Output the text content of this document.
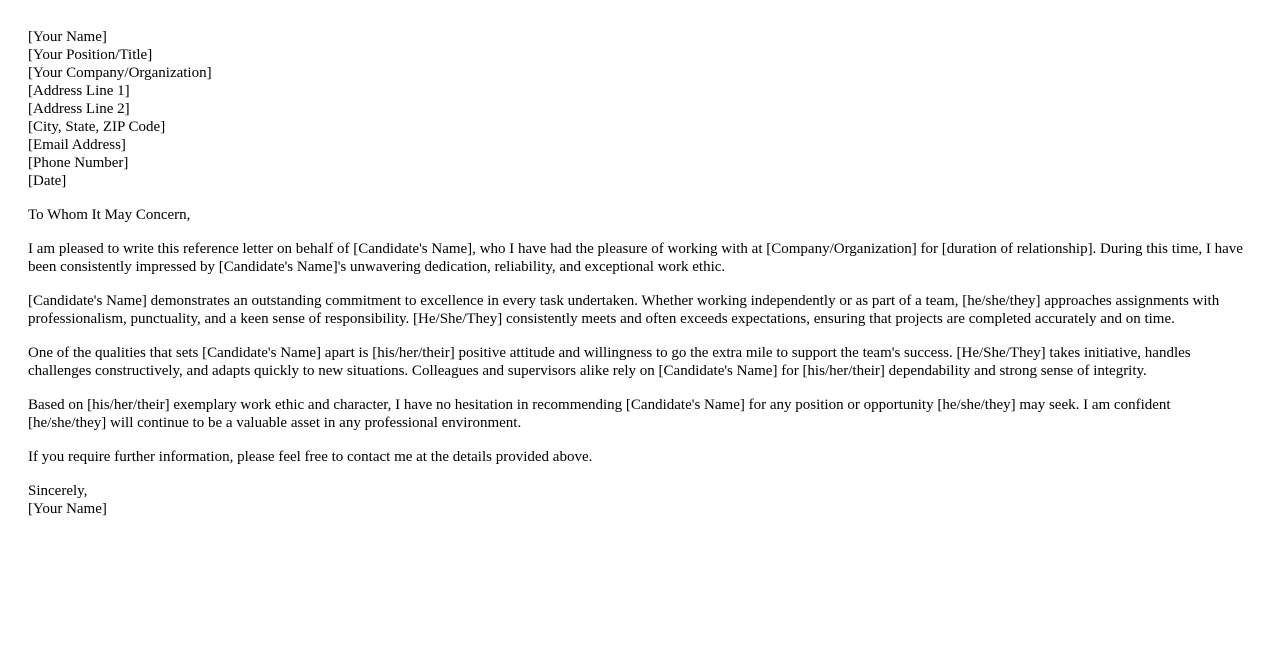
[Your Name]
[Your Position/Title]
[Your Company/Organization]
[Address Line 1]
[Address Line 2]
[City, State, ZIP Code]
[Email Address]
[Phone Number]
[Date]

To Whom It May Concern,

I am pleased to write this reference letter on behalf of [Candidate's Name], who I have had the pleasure of working with at [Company/Organization] for [duration of relationship]. During this time, I have been consistently impressed by [Candidate's Name]'s unwavering dedication, reliability, and exceptional work ethic.

[Candidate's Name] demonstrates an outstanding commitment to excellence in every task undertaken. Whether working independently or as part of a team, [he/she/they] approaches assignments with professionalism, punctuality, and a keen sense of responsibility. [He/She/They] consistently meets and often exceeds expectations, ensuring that projects are completed accurately and on time.

One of the qualities that sets [Candidate's Name] apart is [his/her/their] positive attitude and willingness to go the extra mile to support the team's success. [He/She/They] takes initiative, handles challenges constructively, and adapts quickly to new situations. Colleagues and supervisors alike rely on [Candidate's Name] for [his/her/their] dependability and strong sense of integrity.

Based on [his/her/their] exemplary work ethic and character, I have no hesitation in recommending [Candidate's Name] for any position or opportunity [he/she/they] may seek. I am confident [he/she/they] will continue to be a valuable asset in any professional environment.

If you require further information, please feel free to contact me at the details provided above.

Sincerely,
[Your Name]
